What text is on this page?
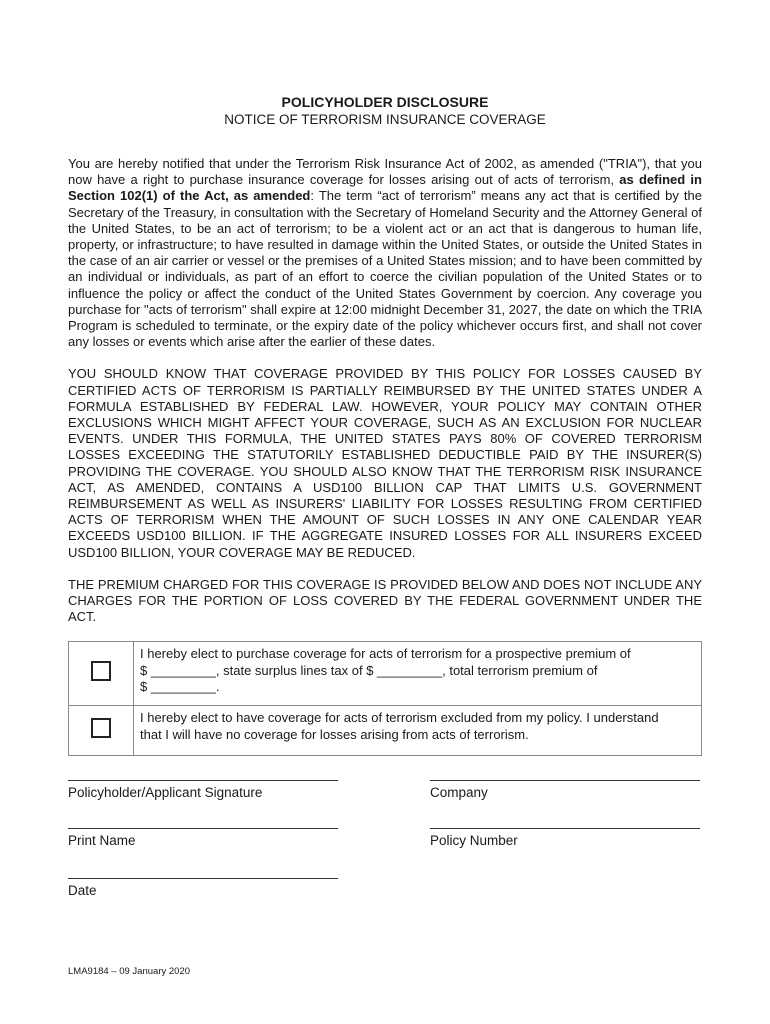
POLICYHOLDER DISCLOSURE
NOTICE OF TERRORISM INSURANCE COVERAGE

You are hereby notified that under the Terrorism Risk Insurance Act of 2002, as amended ("TRIA"), that you now have a right to purchase insurance coverage for losses arising out of acts of terrorism, as defined in Section 102(1) of the Act, as amended: The term “act of terrorism” means any act that is certified by the Secretary of the Treasury, in consultation with the Secretary of Homeland Security and the Attorney General of the United States, to be an act of terrorism; to be a violent act or an act that is dangerous to human life, property, or infrastructure; to have resulted in damage within the United States, or outside the United States in the case of an air carrier or vessel or the premises of a United States mission; and to have been committed by an individual or individuals, as part of an effort to coerce the civilian population of the United States or to influence the policy or affect the conduct of the United States Government by coercion. Any coverage you purchase for "acts of terrorism" shall expire at 12:00 midnight December 31, 2027, the date on which the TRIA Program is scheduled to terminate, or the expiry date of the policy whichever occurs first, and shall not cover any losses or events which arise after the earlier of these dates.

YOU SHOULD KNOW THAT COVERAGE PROVIDED BY THIS POLICY FOR LOSSES CAUSED BY CERTIFIED ACTS OF TERRORISM IS PARTIALLY REIMBURSED BY THE UNITED STATES UNDER A FORMULA ESTABLISHED BY FEDERAL LAW. HOWEVER, YOUR POLICY MAY CONTAIN OTHER EXCLUSIONS WHICH MIGHT AFFECT YOUR COVERAGE, SUCH AS AN EXCLUSION FOR NUCLEAR EVENTS. UNDER THIS FORMULA, THE UNITED STATES PAYS 80% OF COVERED TERRORISM LOSSES EXCEEDING THE STATUTORILY ESTABLISHED DEDUCTIBLE PAID BY THE INSURER(S) PROVIDING THE COVERAGE. YOU SHOULD ALSO KNOW THAT THE TERRORISM RISK INSURANCE ACT, AS AMENDED, CONTAINS A USD100 BILLION CAP THAT LIMITS U.S. GOVERNMENT REIMBURSEMENT AS WELL AS INSURERS' LIABILITY FOR LOSSES RESULTING FROM CERTIFIED ACTS OF TERRORISM WHEN THE AMOUNT OF SUCH LOSSES IN ANY ONE CALENDAR YEAR EXCEEDS USD100 BILLION. IF THE AGGREGATE INSURED LOSSES FOR ALL INSURERS EXCEED USD100 BILLION, YOUR COVERAGE MAY BE REDUCED.

THE PREMIUM CHARGED FOR THIS COVERAGE IS PROVIDED BELOW AND DOES NOT INCLUDE ANY CHARGES FOR THE PORTION OF LOSS COVERED BY THE FEDERAL GOVERNMENT UNDER THE ACT.

	I hereby elect to purchase coverage for acts of terrorism for a prospective premium of
$ _________, state surplus lines tax of $ _________, total terrorism premium of
$ _________.

	I hereby elect to have coverage for acts of terrorism excluded from my policy. I understand
that I will have no coverage for losses arising from acts of terrorism.
Policyholder/Applicant Signature	Company
Print Name	Policy Number
Date
LMA9184 – 09 January 2020
